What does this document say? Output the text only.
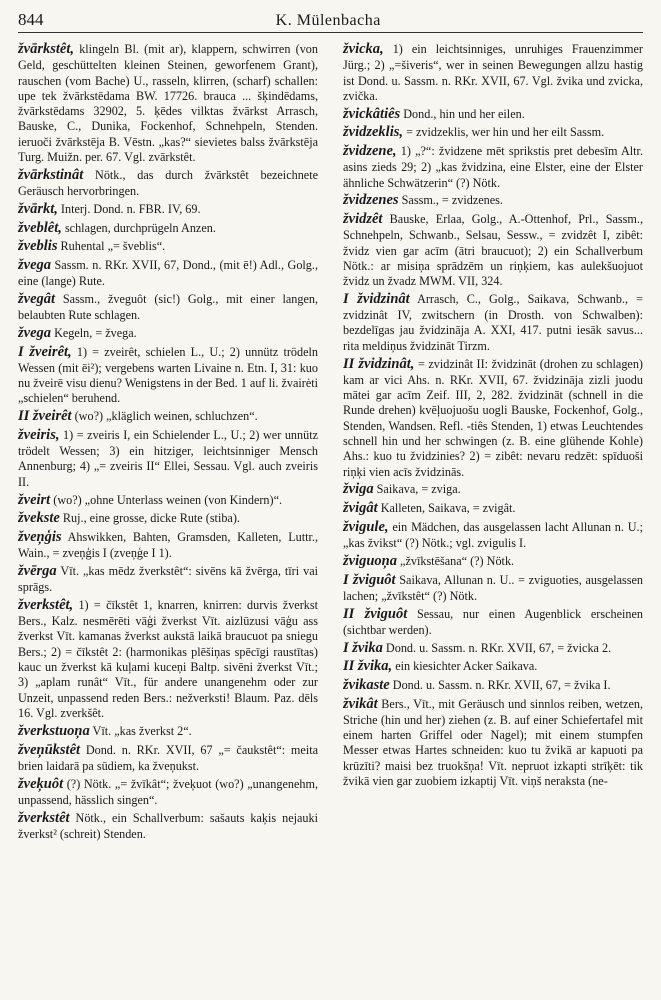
844	K. Mülenbacha

žvārkstêt, klingeln Bl. (mit ar), klappern, schwirren (von Geld, geschüttelten kleinen Steinen, geworfenem Grant), rauschen (vom Bache) U., rasseln, klirren, (scharf) schallen: upe tek žvārkstēdama BW. 17726. brauca ... šķindēdams, žvārkstēdams 32902, 5. ķēdes vilktas žvārkst Arrasch, Bauske, C., Dunika, Fockenhof, Schnehpeln, Stenden. ieruoči žvārkstēja B. Vēstn. „kas?“ sievietes balss žvārkstēja Turg. Muižn. per. 67. Vgl. zvārkstêt.

žvārkstinât Nötk., das durch žvārkstêt bezeichnete Geräusch hervorbringen.

žvārkt, Interj. Dond. n. FBR. IV, 69.

žveblêt, schlagen, durchprügeln Anzen.

žveblis Ruhental „= šveblis“.

žvega Sassm. n. RKr. XVII, 67, Dond., (mit ē!) Adl., Golg., eine (lange) Rute.

žvegât Sassm., žveguôt (sic!) Golg., mit einer langen, belaubten Rute schlagen.

žvega Kegeln, = žvega.

I žveirêt, 1) = zveirêt, schielen L., U.; 2) unnütz trödeln Wessen (mit ēi²); vergebens warten Livaine n. Etn. I, 31: kuo nu žveirē visu dienu? Wenigstens in der Bed. 1 auf li. žvairėti „schielen“ beruhend.

II žveirêt (wo?) „kläglich weinen, schluchzen“.

žveiris, 1) = zveiris I, ein Schielender L., U.; 2) wer unnütz trödelt Wessen; 3) ein hitziger, leichtsinniger Mensch Annenburg; 4) „= zveiris II“ Ellei, Sessau. Vgl. auch zveiris II.

žveirt (wo?) „ohne Unterlass weinen (von Kindern)“.

žvekste Ruj., eine grosse, dicke Rute (stiba).

žveņģis Ahswikken, Bahten, Gramsden, Kalleten, Luttr., Wain., = zveņģis I (zveņģe I 1).

žvērga Vīt. „kas mēdz žverkstêt“: sivēns kā žvērga, tīri vai sprāgs.

žverkstêt, 1) = čīkstêt 1, knarren, knirren: durvis žverkst Bers., Kalz. nesmērēti vāģi žverkst Vīt. aizlūzusi vāģu ass žverkst Vīt. kamanas žverkst aukstā laikā braucuot pa sniegu Bers.; 2) = čīkstêt 2: (harmonikas plēšiņas spēcīgi raustītas) kauc un žverkst kā kuļami kuceņi Baltp. sivēni žverkst Vīt.; 3) „aplam runât“ Vīt., für andere unangenehm oder zur Unzeit, unpassend reden Bers.: nežverksti! Blaum. Paz. dēls 16. Vgl. zverkšêt.

žverkstuoņa Vīt. „kas žverkst 2“.

žveņūkstêt Dond. n. RKr. XVII, 67 „= čaukstêt“: meita brien laidarā pa sūdiem, ka žveņukst.

žveķuôt (?) Nötk. „= žvīkât“; žveķuot (wo?) „unangenehm, unpassend, hässlich singen“.

žverkstêt Nötk., ein Schallverbum: sašauts kaķis nejauki žverkst² (schreit) Stenden.

žvicka, 1) ein leichtsinniges, unruhiges Frauenzimmer Jürg.; 2) „=šiveris“, wer in seinen Bewegungen allzu hastig ist Dond. u. Sassm. n. RKr. XVII, 67. Vgl. žvika und zvicka, zvička.

žvickâtiês Dond., hin und her eilen.

žvidzeklis, = zvidzeklis, wer hin und her eilt Sassm.

žvidzene, 1) „?“: žvidzene mēt sprikstis pret debesīm Altr. asins zieds 29; 2) „kas žvidzina, eine Elster, eine der Elster ähnliche Schwätzerin“ (?) Nötk.

žvidzenes Sassm., = zvidzenes.

žvidzêt Bauske, Erlaa, Golg., A.-Ottenhof, Prl., Sassm., Schnehpeln, Schwanb., Selsau, Sessw., = zvidzêt I, zibêt: žvidz vien gar acīm (ātri braucuot); 2) ein Schallverbum Nötk.: ar misiņa sprādzēm un riņķiem, kas aulekšuojuot žvidz un žvadz MWM. VII, 324.

I žvidzinât Arrasch, C., Golg., Saikava, Schwanb., = zvidzinât IV, zwitschern (in Drosth. von Schwalben): bezdelīgas jau žvidzināja A. XXI, 417. putni iesāk savus... rita meldiņus žvidzināt Tirzm.

II žvidzinât, = zvidzinât II: žvidzināt (drohen zu schlagen) kam ar vici Ahs. n. RKr. XVII, 67. žvidzināja zizli juodu mātei gar acīm Zeif. III, 2, 282. žvidzināt (schnell in die Runde drehen) kvēļuojuošu uogli Bauske, Fockenhof, Golg., Stenden, Wandsen. Refl. -tiês Stenden, 1) etwas Leuchtendes schnell hin und her schwingen (z. B. eine glühende Kohle) Ahs.: kuo tu žvidzinies? 2) = zibêt: nevaru redzēt: spīduoši riņķi vien acīs žvidzinās.

žviga Saikava, = zviga.

žvigât Kalleten, Saikava, = zvigât.

žvigule, ein Mädchen, das ausgelassen lacht Allunan n. U.; „kas žvikst“ (?) Nötk.; vgl. zvigulis I.

žviguoņa „žvīkstēšana“ (?) Nötk.

I žviguôt Saikava, Allunan n. U.. = zviguoties, ausgelassen lachen; „žvīkstêt“ (?) Nötk.

II žviguôt Sessau, nur einen Augenblick erscheinen (sichtbar werden).

I žvika Dond. u. Sassm. n. RKr. XVII, 67, = žvicka 2.

II žvika, ein kiesichter Acker Saikava.

žvikaste Dond. u. Sassm. n. RKr. XVII, 67, = žvika I.

žvikât Bers., Vīt., mit Geräusch und sinnlos reiben, wetzen, Striche (hin und her) ziehen (z. B. auf einer Schiefertafel mit einem harten Griffel oder Nagel); mit einem stumpfen Messer etwas Hartes schneiden: kuo tu žvikā ar kapuoti pa krūzīti? maisi bez truokšņa! Vīt. nepruot izkapti strīķēt: tik žvikā vien gar zuobiem izkaptij Vīt. viņš neraksta (ne-
